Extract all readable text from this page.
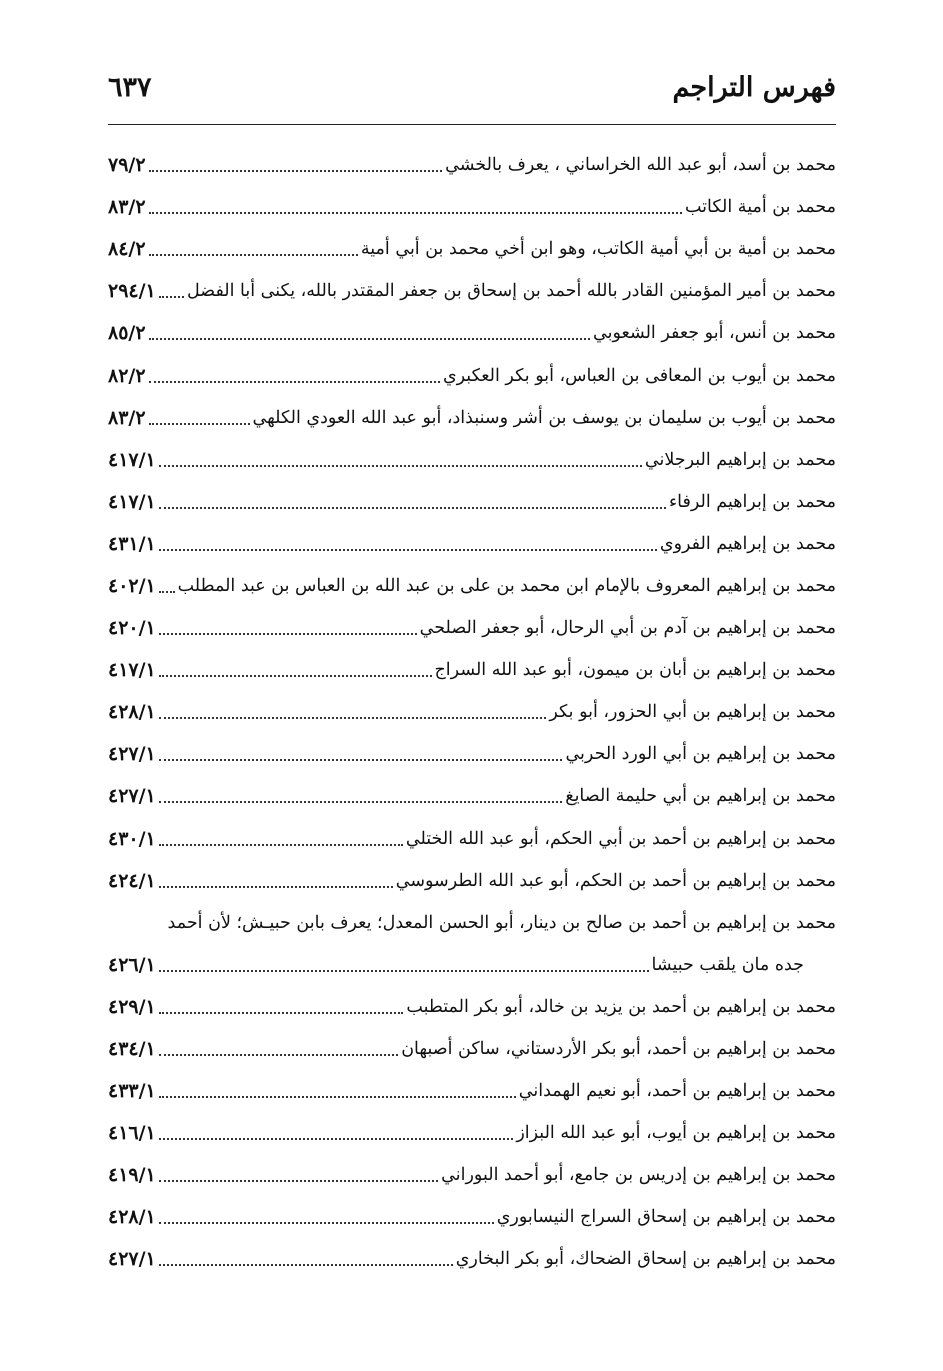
فهرس التراجم
٦٣٧
محمد بن أسد، أبو عبد الله الخراساني ، يعرف بالخشي
٧٩/٢
محمد بن أمية الكاتب
٨٣/٢
محمد بن أمية بن أبي أمية الكاتب، وهو ابن أخي محمد بن أبي أمية
٨٤/٢
محمد بن أمير المؤمنين القادر بالله أحمد بن إسحاق بن جعفر المقتدر بالله، يكنى أبا الفضل
٢٩٤/١
محمد بن أنس، أبو جعفر الشعوبي
٨٥/٢
محمد بن أيوب بن المعافى بن العباس، أبو بكر العكبري
٨٢/٢
محمد بن أيوب بن سليمان بن يوسف بن أشر وسنبذاد، أبو عبد الله العودي الكلهي
٨٣/٢
محمد بن إبراهيم البرجلاني
٤١٧/١
محمد بن إبراهيم الرفاء
٤١٧/١
محمد بن إبراهيم الفروي
٤٣١/١
محمد بن إبراهيم المعروف بالإمام ابن محمد بن على بن عبد الله بن العباس بن عبد المطلب
٤٠٢/١
محمد بن إبراهيم بن آدم بن أبي الرحال، أبو جعفر الصلحي
٤٢٠/١
محمد بن إبراهيم بن أبان بن ميمون، أبو عبد الله السراج
٤١٧/١
محمد بن إبراهيم بن أبي الحزور، أبو بكر
٤٢٨/١
محمد بن إبراهيم بن أبي الورد الحربي
٤٢٧/١
محمد بن إبراهيم بن أبي حليمة الصايغ
٤٢٧/١
محمد بن إبراهيم بن أحمد بن أبي الحكم، أبو عبد الله الختلي
٤٣٠/١
محمد بن إبراهيم بن أحمد بن الحكم، أبو عبد الله الطرسوسي
٤٢٤/١
محمد بن إبراهيم بن أحمد بن صالح بن دينار، أبو الحسن المعدل؛ يعرف بابن حبيـش؛ لأن أحمد
جده مان يلقب حبيشا
٤٢٦/١
محمد بن إبراهيم بن أحمد بن يزيد بن خالد، أبو بكر المتطبب
٤٢٩/١
محمد بن إبراهيم بن أحمد، أبو بكر الأردستاني، ساكن أصبهان
٤٣٤/١
محمد بن إبراهيم بن أحمد، أبو نعيم الهمداني
٤٣٣/١
محمد بن إبراهيم بن أيوب، أبو عبد الله البزاز
٤١٦/١
محمد بن إبراهيم بن إدريس بن جامع، أبو أحمد البوراني
٤١٩/١
محمد بن إبراهيم بن إسحاق السراج النيسابوري
٤٢٨/١
محمد بن إبراهيم بن إسحاق الضحاك، أبو بكر البخاري
٤٢٧/١
